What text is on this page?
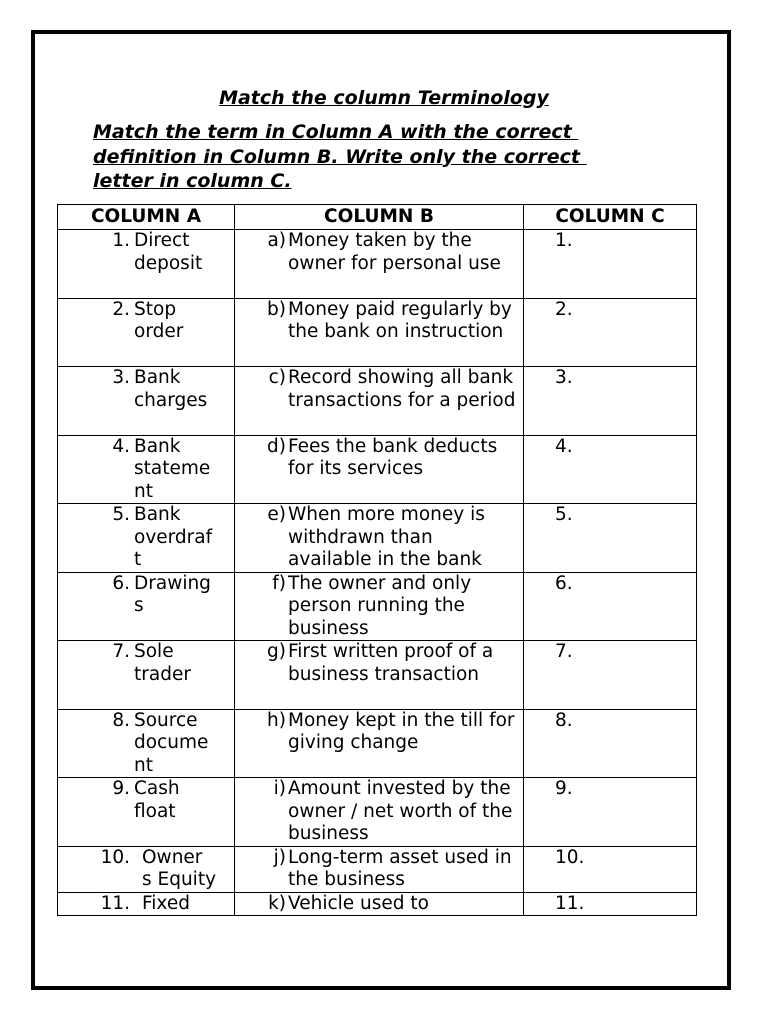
Match the column Terminology
Match the term in Column A with the correct
definition in Column B. Write only the correct
letter in column C.
COLUMN A	COLUMN B	COLUMN C

1. Direct
deposit	a) Money taken by the owner for personal use	1.

2. Stop
order	b) Money paid regularly by the bank on instruction	2.

3. Bank
charges	c) Record showing all bank transactions for a period	3.

4. Bank
stateme
nt	d) Fees the bank deducts for its services	4.

5. Bank
overdraf
t	e) When more money is withdrawn than available in the bank	5.

6. Drawing
s	f) The owner and only person running the business	6.

7. Sole
trader	g) First written proof of a business transaction	7.

8. Source
docume
nt	h) Money kept in the till for giving change	8.

9. Cash
float	i) Amount invested by the owner / net worth of the business	9.

10. Owner
s Equity	j) Long-term asset used in the business	10.

11. Fixed	k) Vehicle used to	11.
